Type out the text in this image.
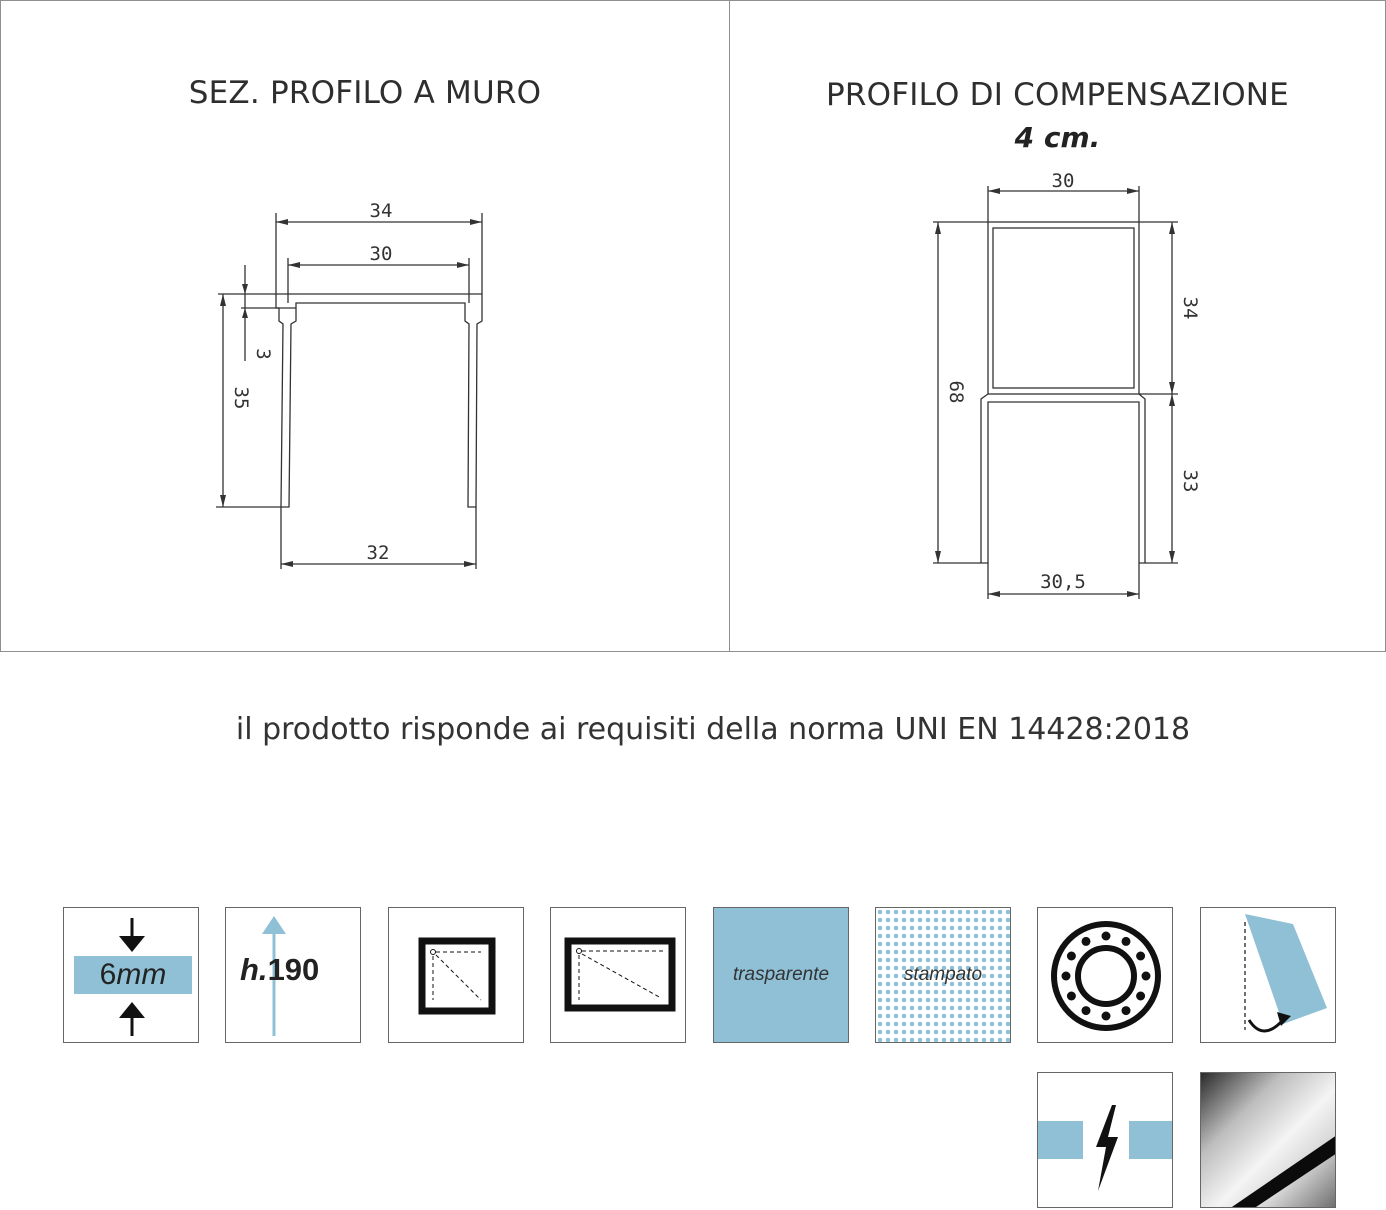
SEZ. PROFILO A MURO
34
30
3
35
32
PROFILO DI COMPENSAZIONE
4 cm.
30
68
34
33
30,5
il prodotto risponde ai requisiti della norma UNI EN 14428:2018
6mm	h.190	trasparente	stampato
